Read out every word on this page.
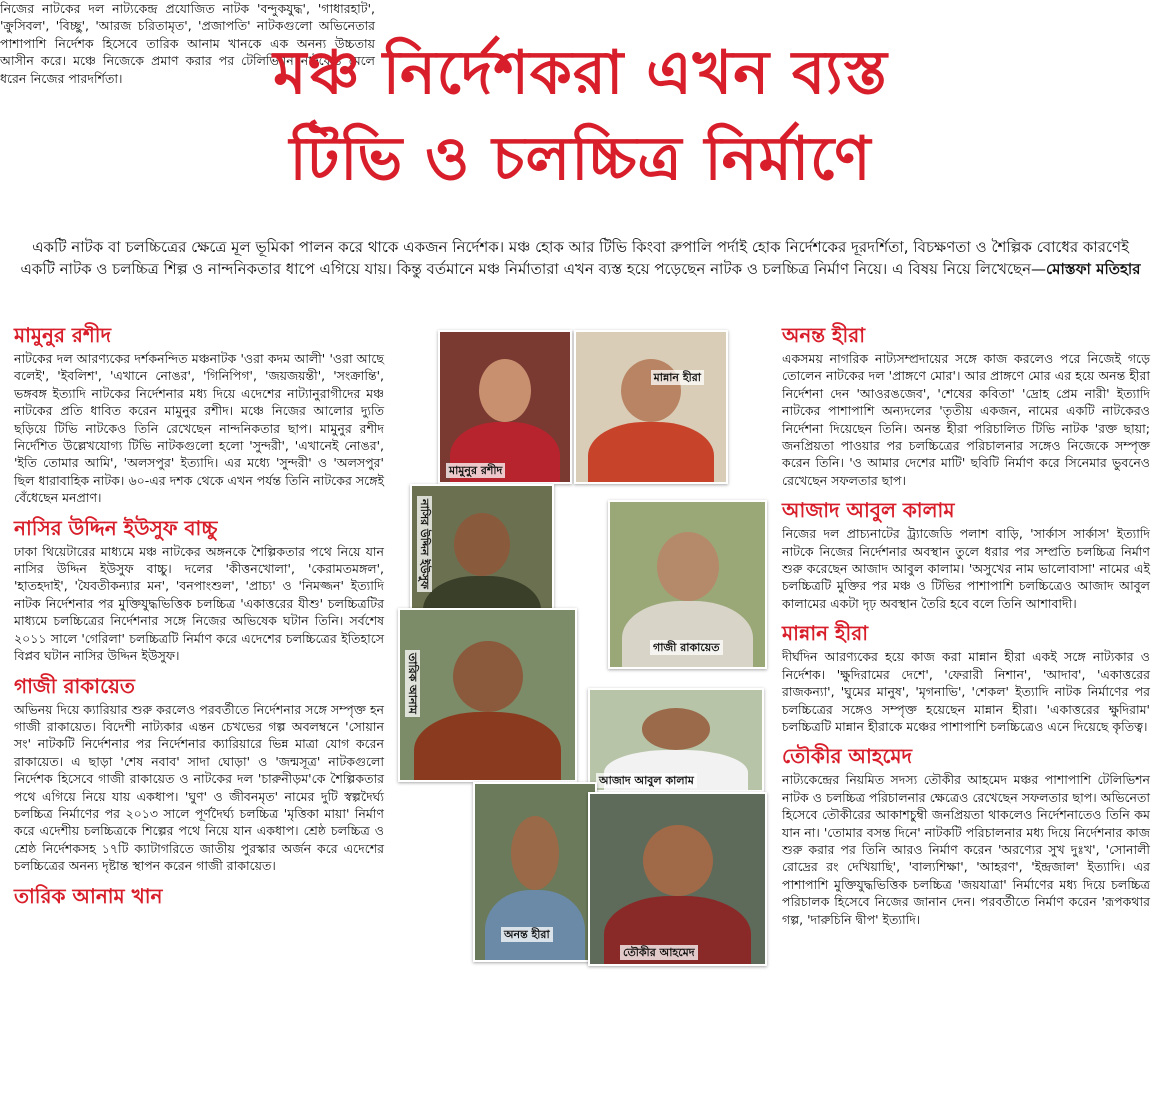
মঞ্চ নির্দেশকরা এখন ব্যস্ত
টিভি ও চলচ্চিত্র নির্মাণে
একটি নাটক বা চলচ্চিত্রের ক্ষেত্রে মূল ভূমিকা পালন করে থাকে একজন নির্দেশক। মঞ্চ হোক আর টিভি কিংবা রুপালি পর্দাই হোক নির্দেশকের দূরদর্শিতা, বিচক্ষণতা ও শৈল্পিক বোধের কারণেই একটি নাটক ও চলচ্চিত্র শিল্প ও নান্দনিকতার ধাপে এগিয়ে যায়। কিন্তু বর্তমানে মঞ্চ নির্মাতারা এখন ব্যস্ত হয়ে পড়েছেন নাটক ও চলচ্চিত্র নির্মাণ নিয়ে। এ বিষয় নিয়ে লিখেছেন—মোস্তফা মতিহার
মামুনুর রশীদ

নাটকের দল আরণ্যকের দর্শকনন্দিত মঞ্চনাটক 'ওরা কদম আলী' 'ওরা আছে বলেই', 'ইবলিশ', 'এখানে নোঙর', 'গিনিপিগ', 'জয়জয়ন্তী', 'সংক্রান্তি', ভঙ্গবঙ্গ ইত্যাদি নাটকের নির্দেশনার মধ্য দিয়ে এদেশের নাট্যানুরাগীদের মঞ্চ নাটকের প্রতি ধাবিত করেন মামুনুর রশীদ। মঞ্চে নিজের আলোর দ্যুতি ছড়িয়ে টিভি নাটকেও তিনি রেখেছেন নান্দনিকতার ছাপ। মামুনুর রশীদ নির্দেশিত উল্লেখযোগ্য টিভি নাটকগুলো হলো 'সুন্দরী', 'এখানেই নোঙর', 'ইতি তোমার আমি', 'অলসপুর' ইত্যাদি। এর মধ্যে 'সুন্দরী' ও 'অলসপুর' ছিল ধারাবাহিক নাটক। ৬০-এর দশক থেকে এখন পর্যন্ত তিনি নাটকের সঙ্গেই বেঁধেছেন মনপ্রাণ।

নাসির উদ্দিন ইউসুফ বাচ্চু

ঢাকা থিয়েটারের মাধ্যমে মঞ্চ নাটকের অঙ্গনকে শৈল্পিকতার পথে নিয়ে যান নাসির উদ্দিন ইউসুফ বাচ্চু। দলের 'কীত্তনখোলা', 'কেরামতমঙ্গল', 'হাতহদাই', 'যৈবতীকন্যার মন', 'বনপাংশুল', 'প্রাচ্য' ও 'নিমজ্জন' ইত্যাদি নাটক নির্দেশনার পর মুক্তিযুদ্ধভিত্তিক চলচ্চিত্র 'একাত্তরের যীশু' চলচ্চিত্রটির মাধ্যমে চলচ্চিত্রের নির্দেশনার সঙ্গে নিজের অভিষেক ঘটান তিনি। সর্বশেষ ২০১১ সালে 'গেরিলা' চলচ্চিত্রটি নির্মাণ করে এদেশের চলচ্চিত্রের ইতিহাসে বিপ্লব ঘটান নাসির উদ্দিন ইউসুফ।

গাজী রাকায়েত

অভিনয় দিয়ে ক্যারিয়ার শুরু করলেও পরবর্তীতে নির্দেশনার সঙ্গে সম্পৃক্ত হন গাজী রাকায়েত। বিদেশী নাট্যকার এন্তন চেখভের গল্প অবলম্বনে 'সোয়ান সং' নাটকটি নির্দেশনার পর নির্দেশনার ক্যারিয়ারে ভিন্ন মাত্রা যোগ করেন রাকায়েত। এ ছাড়া 'শেষ নবাব' সাদা ঘোড়া' ও 'জন্মসূত্র' নাটকগুলো নির্দেশক হিসেবে গাজী রাকায়েত ও নাটকের দল 'চারুনীড়ম'কে শৈল্পিকতার পথে এগিয়ে নিয়ে যায় একধাপ। 'ঘুণ' ও জীবনমৃত' নামের দুটি স্বল্পদৈর্ঘ্য চলচ্চিত্র নির্মাণের পর ২০১৩ সালে পূর্ণদৈর্ঘ্য চলচ্চিত্র 'মৃত্তিকা মায়া' নির্মাণ করে এদেশীয় চলচ্চিত্রকে শিল্পের পথে নিয়ে যান একধাপ। শ্রেষ্ঠ চলচ্চিত্র ও শ্রেষ্ঠ নির্দেশকসহ ১৭টি ক্যাটাগরিতে জাতীয় পুরস্কার অর্জন করে এদেশের চলচ্চিত্রের অনন্য দৃষ্টান্ত স্থাপন করেন গাজী রাকায়েত।

তারিক আনাম খান
মামুনুর রশীদ
মান্নান হীরা
নাসির উদ্দিন ইউসুফ
গাজী রাকায়েত
তারিক আনাম
আজাদ আবুল কালাম
অনন্ত হীরা
তৌকীর আহমেদ

নিজের নাটকের দল নাট্যকেন্দ্র প্রযোজিত নাটক 'বন্দুকযুদ্ধ', 'গাধারহাট', 'ক্রুসিবল', 'বিচ্ছু', 'আরজ চরিতামৃত', 'প্রজাপতি' নাটকগুলো অভিনেতার পাশাপাশি নির্দেশক হিসেবে তারিক আনাম খানকে এক অনন্য উচ্চতায় আসীন করে। মঞ্চে নিজেকে প্রমাণ করার পর টেলিভিশন নাটকেও মেলে ধরেন নিজের পারদর্শিতা।

অনন্ত হীরা

একসময় নাগরিক নাট্যসম্প্রদায়ের সঙ্গে কাজ করলেও পরে নিজেই গড়ে তোলেন নাটকের দল 'প্রাঙ্গণে মোর'। আর প্রাঙ্গণে মোর এর হয়ে অনন্ত হীরা নির্দেশনা দেন 'আওরঙজেব', 'শেষের কবিতা' 'দ্রোহ প্রেম নারী' ইত্যাদি নাটকের পাশাপাশি অন্যদলের 'তৃতীয় একজন, নামের একটি নাটকেরও নির্দেশনা দিয়েছেন তিনি। অনন্ত হীরা পরিচালিত টিভি নাটক 'রক্ত ছায়া; জনপ্রিয়তা পাওয়ার পর চলচ্চিত্রের পরিচালনার সঙ্গেও নিজেকে সম্পৃক্ত করেন তিনি। 'ও আমার দেশের মাটি' ছবিটি নির্মাণ করে সিনেমার ভুবনেও রেখেছেন সফলতার ছাপ।

আজাদ আবুল কালাম

নিজের দল প্রাচ্যনাটের ট্র্যাজেডি পলাশ বাড়ি, 'সার্কাস সার্কাস' ইত্যাদি নাটকে নিজের নির্দেশনার অবস্থান তুলে ধরার পর সম্প্রতি চলচ্চিত্র নির্মাণ শুরু করেছেন আজাদ আবুল কালাম। 'অসুখের নাম ভালোবাসা' নামের এই চলচ্চিত্রটি মুক্তির পর মঞ্চ ও টিভির পাশাপাশি চলচ্চিত্রেও আজাদ আবুল কালামের একটা দৃঢ় অবস্থান তৈরি হবে বলে তিনি আশাবাদী।

মান্নান হীরা

দীর্ঘদিন আরণ্যকের হয়ে কাজ করা মান্নান হীরা একই সঙ্গে নাট্যকার ও নির্দেশক। 'ক্ষুদিরামের দেশে', 'ফেরারী নিশান', 'আদাব', 'একাত্তরের রাজকন্যা', 'ঘুমের মানুষ', 'মৃগনাভি', 'শেকল' ইত্যাদি নাটক নির্মাণের পর চলচ্চিত্রের সঙ্গেও সম্পৃক্ত হয়েছেন মান্নান হীরা। 'একাত্তরের ক্ষুদিরাম' চলচ্চিত্রটি মান্নান হীরাকে মঞ্চের পাশাপাশি চলচ্চিত্রেও এনে দিয়েছে কৃতিত্ব।

তৌকীর আহমেদ

নাট্যকেন্দ্রের নিয়মিত সদস্য তৌকীর আহমেদ মঞ্চর পাশাপাশি টেলিভিশন নাটক ও চলচ্চিত্র পরিচালনার ক্ষেত্রেও রেখেছেন সফলতার ছাপ। অভিনেতা হিসেবে তৌকীরের আকাশচুম্বী জনপ্রিয়তা থাকলেও নির্দেশনাতেও তিনি কম যান না। 'তোমার বসন্ত দিনে' নাটকটি পরিচালনার মধ্য দিয়ে নির্দেশনার কাজ শুরু করার পর তিনি আরও নির্মাণ করেন 'অরণ্যের সুখ দুঃখ', 'সোনালী রোদ্রের রং দেখিয়াছি', 'বাল্যশিক্ষা', 'আহরণ', 'ইন্দ্রজাল' ইত্যাদি। এর পাশাপাশি মুক্তিযুদ্ধভিত্তিক চলচ্চিত্র 'জয়যাত্রা' নির্মাণের মধ্য দিয়ে চলচ্চিত্র পরিচালক হিসেবে নিজের জানান দেন। পরবর্তীতে নির্মাণ করেন 'রূপকথার গল্প, 'দারুচিনি দ্বীপ' ইত্যাদি।
